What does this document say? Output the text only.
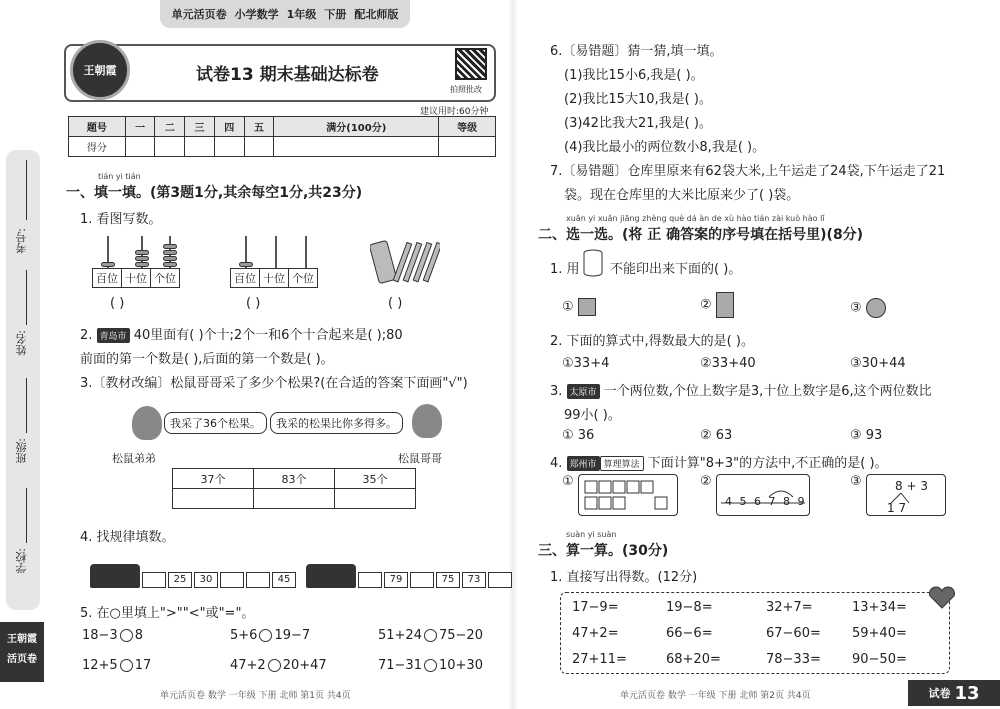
考号:
姓名:
班级:
学校:
王朝霞
活页卷
单元活页卷 小学数学 1年级 下册 配北师版
王朝霞	试卷13 期末基础达标卷
拍照批改
建议用时:60分钟
题号	一	二	三	四	五	满分(100分)	等级
得分							
tián yi tián
一、填一填。(第3题1分,其余每空1分,共23分)
1. 看图写数。
百位 十位 个位
( )
百位 十位 个位
( )	( )
2. 青岛市 40里面有( )个十;2个一和6个十合起来是( );80
前面的第一个数是( ),后面的第一个数是( )。
3.〔教材改编〕松鼠哥哥采了多少个松果?(在合适的答案下面画"√")
我采了36个松果。	我采的松果比你多得多。
松鼠弟弟	松鼠哥哥
37个	83个	35个

4. 找规律填数。
25	30	45	79	75	73
5. 在○里填上">""<"或"="。
18−3 8	5+6 19−7	51+24 75−20
12+5 17	47+2 20+47	71−31 10+30
6.〔易错题〕猜一猜,填一填。
(1)我比15小6,我是( )。
(2)我比15大10,我是( )。
(3)42比我大21,我是( )。
(4)我比最小的两位数小8,我是( )。
7.〔易错题〕仓库里原来有62袋大米,上午运走了24袋,下午运走了21
袋。现在仓库里的大米比原来少了( )袋。
xuǎn yi xuǎn jiāng zhèng què dá àn de xù hào tián zài kuò hào lǐ
二、选一选。(将 正 确答案的序号填在括号里)(8分)
1. 用 不能印出来下面的( )。
①	②	③
2. 下面的算式中,得数最大的是( )。
①33+4	②33+40	③30+44
3. 太原市 一个两位数,个位上数字是3,十位上数字是6,这个两位数比
99小( )。
① 36	② 63	③ 93
4. 郑州市 算理算法 下面计算"8+3"的方法中,不正确的是( )。
①	②
4 5 6 7 8 9
③	8 + 3
1 7
suàn yi suàn
三、算一算。(30分)
1. 直接写出得数。(12分)
17−9=	19−8=	32+7=	13+34=
47+2=	66−6=	67−60= 59+40=
27+11=	68+20=	78−33= 90−50=
单元活页卷 数学 一年级 下册 北师 第1页 共4页	单元活页卷 数学 一年级 下册 北师 第2页 共4页	试卷 13
